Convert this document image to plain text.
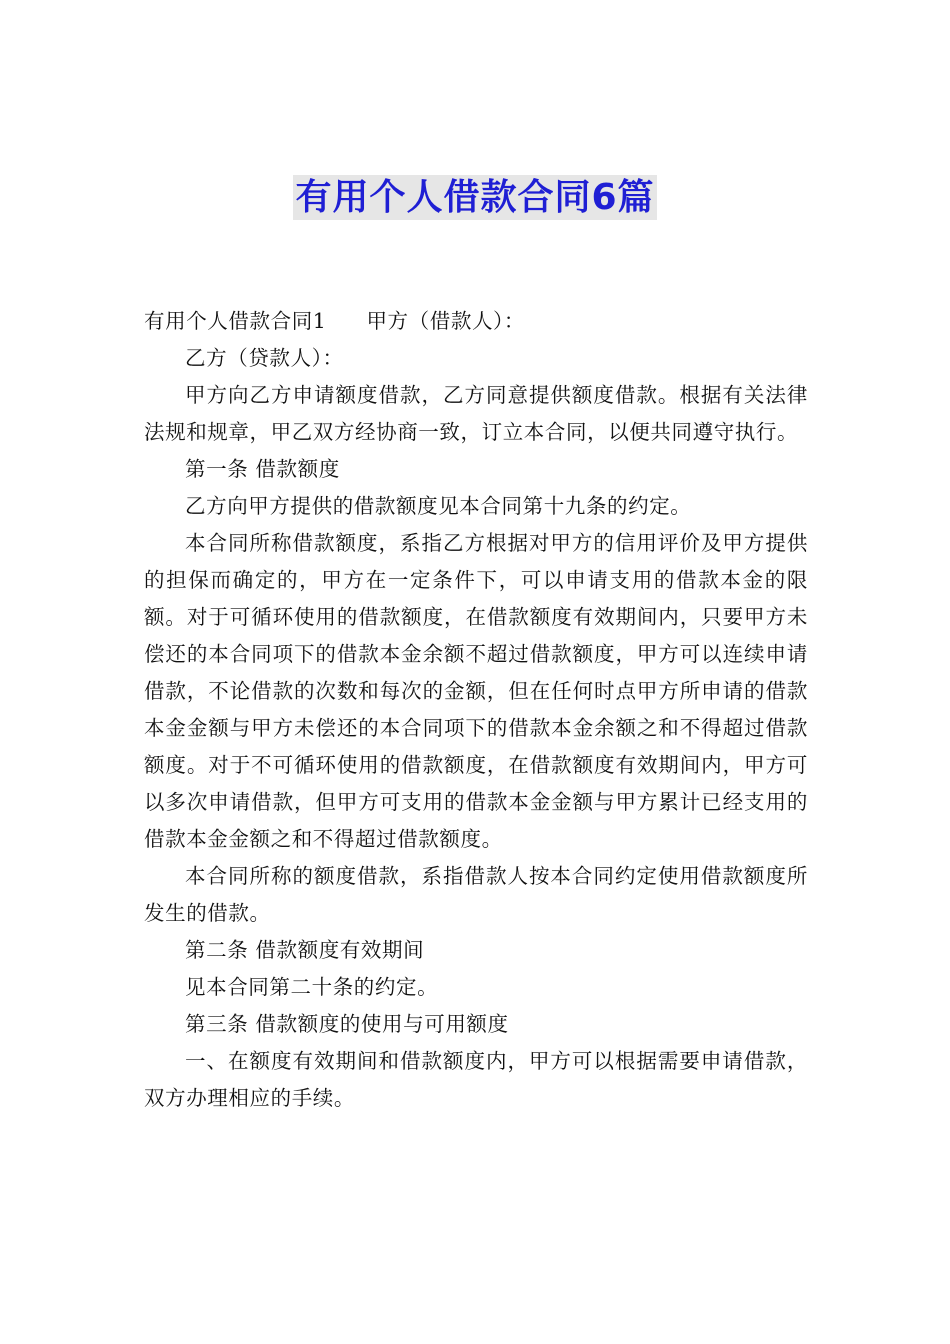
有用个人借款合同6篇

有用个人借款合同1 甲方（借款人）：

乙方（贷款人）：

甲方向乙方申请额度借款，乙方同意提供额度借款。根据有关法律法规和规章，甲乙双方经协商一致，订立本合同，以便共同遵守执行。

第一条 借款额度

乙方向甲方提供的借款额度见本合同第十九条的约定。

本合同所称借款额度，系指乙方根据对甲方的信用评价及甲方提供的担保而确定的，甲方在一定条件下，可以申请支用的借款本金的限额。对于可循环使用的借款额度，在借款额度有效期间内，只要甲方未偿还的本合同项下的借款本金余额不超过借款额度，甲方可以连续申请借款，不论借款的次数和每次的金额，但在任何时点甲方所申请的借款本金金额与甲方未偿还的本合同项下的借款本金余额之和不得超过借款额度。对于不可循环使用的借款额度，在借款额度有效期间内，甲方可以多次申请借款，但甲方可支用的借款本金金额与甲方累计已经支用的借款本金金额之和不得超过借款额度。

本合同所称的额度借款，系指借款人按本合同约定使用借款额度所发生的借款。

第二条 借款额度有效期间

见本合同第二十条的约定。

第三条 借款额度的使用与可用额度

一、在额度有效期间和借款额度内，甲方可以根据需要申请借款，双方办理相应的手续。
